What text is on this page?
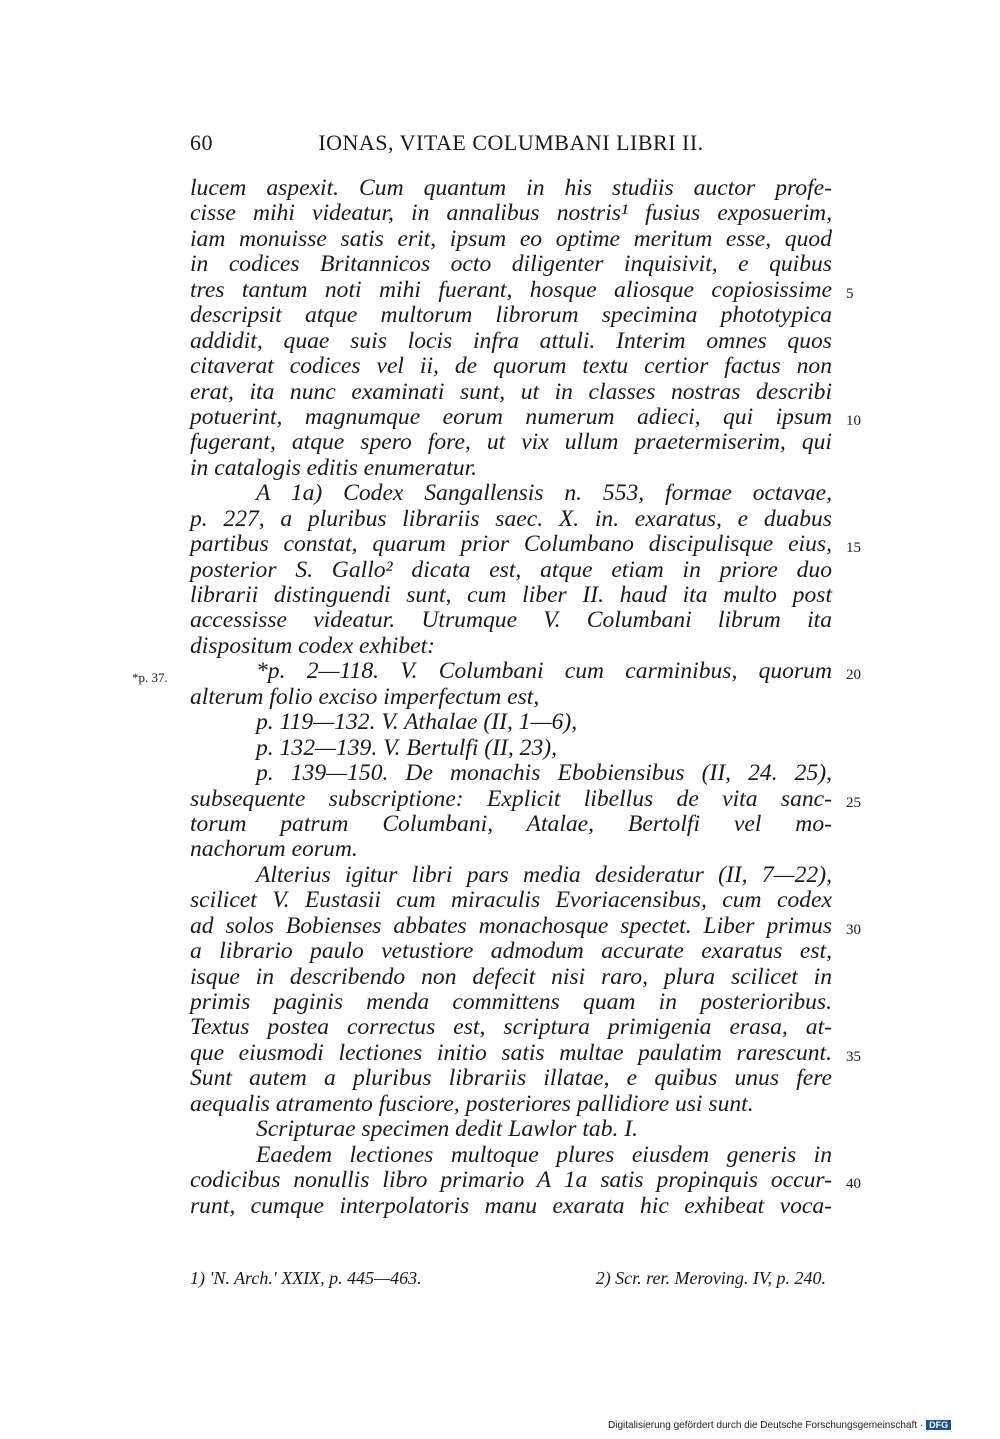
60	IONAS, VITAE COLUMBANI LIBRI II.
lucem aspexit. Cum quantum in his studiis auctor profe-
cisse mihi videatur, in annalibus nostris¹ fusius exposuerim,
iam monuisse satis erit, ipsum eo optime meritum esse, quod
in codices Britannicos octo diligenter inquisivit, e quibus
tres tantum noti mihi fuerant, hosque aliosque copiosissime 5
descripsit atque multorum librorum specimina phototypica
addidit, quae suis locis infra attuli. Interim omnes quos
citaverat codices vel ii, de quorum textu certior factus non
erat, ita nunc examinati sunt, ut in classes nostras describi
potuerint, magnumque eorum numerum adieci, qui ipsum 10
fugerant, atque spero fore, ut vix ullum praetermiserim, qui
in catalogis editis enumeratur.
A 1a) Codex Sangallensis n. 553, formae octavae,
p. 227, a pluribus librariis saec. X. in. exaratus, e duabus
partibus constat, quarum prior Columbano discipulisque eius, 15
posterior S. Gallo² dicata est, atque etiam in priore duo
librarii distinguendi sunt, cum liber II. haud ita multo post
accessisse videatur. Utrumque V. Columbani librum ita
dispositum codex exhibet:
*p. 2—118. V. Columbani cum carminibus, quorum 20
*p. 37.
alterum folio exciso imperfectum est,
p. 119—132. V. Athalae (II, 1—6),
p. 132—139. V. Bertulfi (II, 23),
p. 139—150. De monachis Ebobiensibus (II, 24. 25),
subsequente subscriptione: Explicit libellus de vita sanc- 25
torum patrum Columbani, Atalae, Bertolfi vel mo-
nachorum eorum.
Alterius igitur libri pars media desideratur (II, 7—22),
scilicet V. Eustasii cum miraculis Evoriacensibus, cum codex
ad solos Bobienses abbates monachosque spectet. Liber primus 30
a librario paulo vetustiore admodum accurate exaratus est,
isque in describendo non defecit nisi raro, plura scilicet in
primis paginis menda committens quam in posterioribus.
Textus postea correctus est, scriptura primigenia erasa, at-
que eiusmodi lectiones initio satis multae paulatim rarescunt. 35
Sunt autem a pluribus librariis illatae, e quibus unus fere
aequalis atramento fusciore, posteriores pallidiore usi sunt.
Scripturae specimen dedit Lawlor tab. I.
Eaedem lectiones multoque plures eiusdem generis in
codicibus nonullis libro primario A 1a satis propinquis occur- 40
runt, cumque interpolatoris manu exarata hic exhibeat voca-
1) 'N. Arch.' XXIX, p. 445—463.	2) Scr. rer. Meroving. IV, p. 240.
Digitalisierung gefördert durch die Deutsche Forschungsgemeinschaft · DFG
